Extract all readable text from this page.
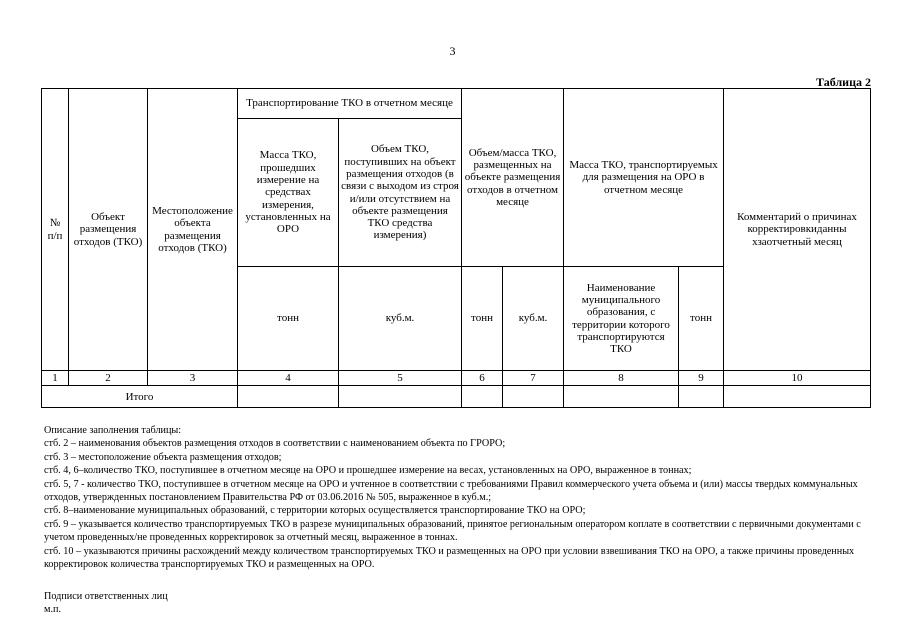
3
Таблица 2
№ п/п	Объект размещения отходов (ТКО)	Местоположение объекта размещения отходов (ТКО)	Транспортирование ТКО в отчетном месяце		Объем/масса ТКО, размещенных на объекте размещения отходов в отчетном месяце		Масса ТКО, транспортируемых для размещения на ОРО в отчетном месяце		Комментарий о причинах корректировкиданны хзаотчетный месяц
			Масса ТКО, прошедших измерение на средствах измерения, установленных на ОРО	Объем ТКО, поступивших на объект размещения отходов (в связи с выходом из строя и/или отсутствием на объекте размещения ТКО средства измерения)					
			тонн	куб.м.	тонн	куб.м.	Наименование муниципального образования, с территории которого транспортируются ТКО	тонн	
1	2	3	4	5	6	7	8	9	10
Итого									

Описание заполнения таблицы:

стб. 2 – наименования объектов размещения отходов в соответствии с наименованием объекта по ГРОРО;

стб. 3 – местоположение объекта размещения отходов;

стб. 4, 6–количество ТКО, поступившее в отчетном месяце на ОРО и прошедшее измерение на весах, установленных на ОРО, выраженное в тоннах;

стб. 5, 7 - количество ТКО, поступившее в отчетном месяце на ОРО и учтенное в соответствии с требованиями Правил коммерческого учета объема и (или) массы твердых коммунальных отходов, утвержденных постановлением Правительства РФ от 03.06.2016 № 505, выраженное в куб.м.;

стб. 8–наименование муниципальных образований, с территории которых осуществляется транспортирование ТКО на ОРО;

стб. 9 – указывается количество транспортируемых ТКО в разрезе муниципальных образований, принятое региональным оператором кoплате в соответствии с первичными документами с учетом проведенных/не проведенных корректировок за отчетный месяц, выраженное в тоннах.

стб. 10 – указываются причины расхождений между количеством транспортируемых ТКО и размещенных на ОРО при условии взвешивания ТКО на ОРО, а также причины проведенных корректировок количества транспортируемых ТКО и размещенных на ОРО.

Подписи ответственных лиц

м.п.
